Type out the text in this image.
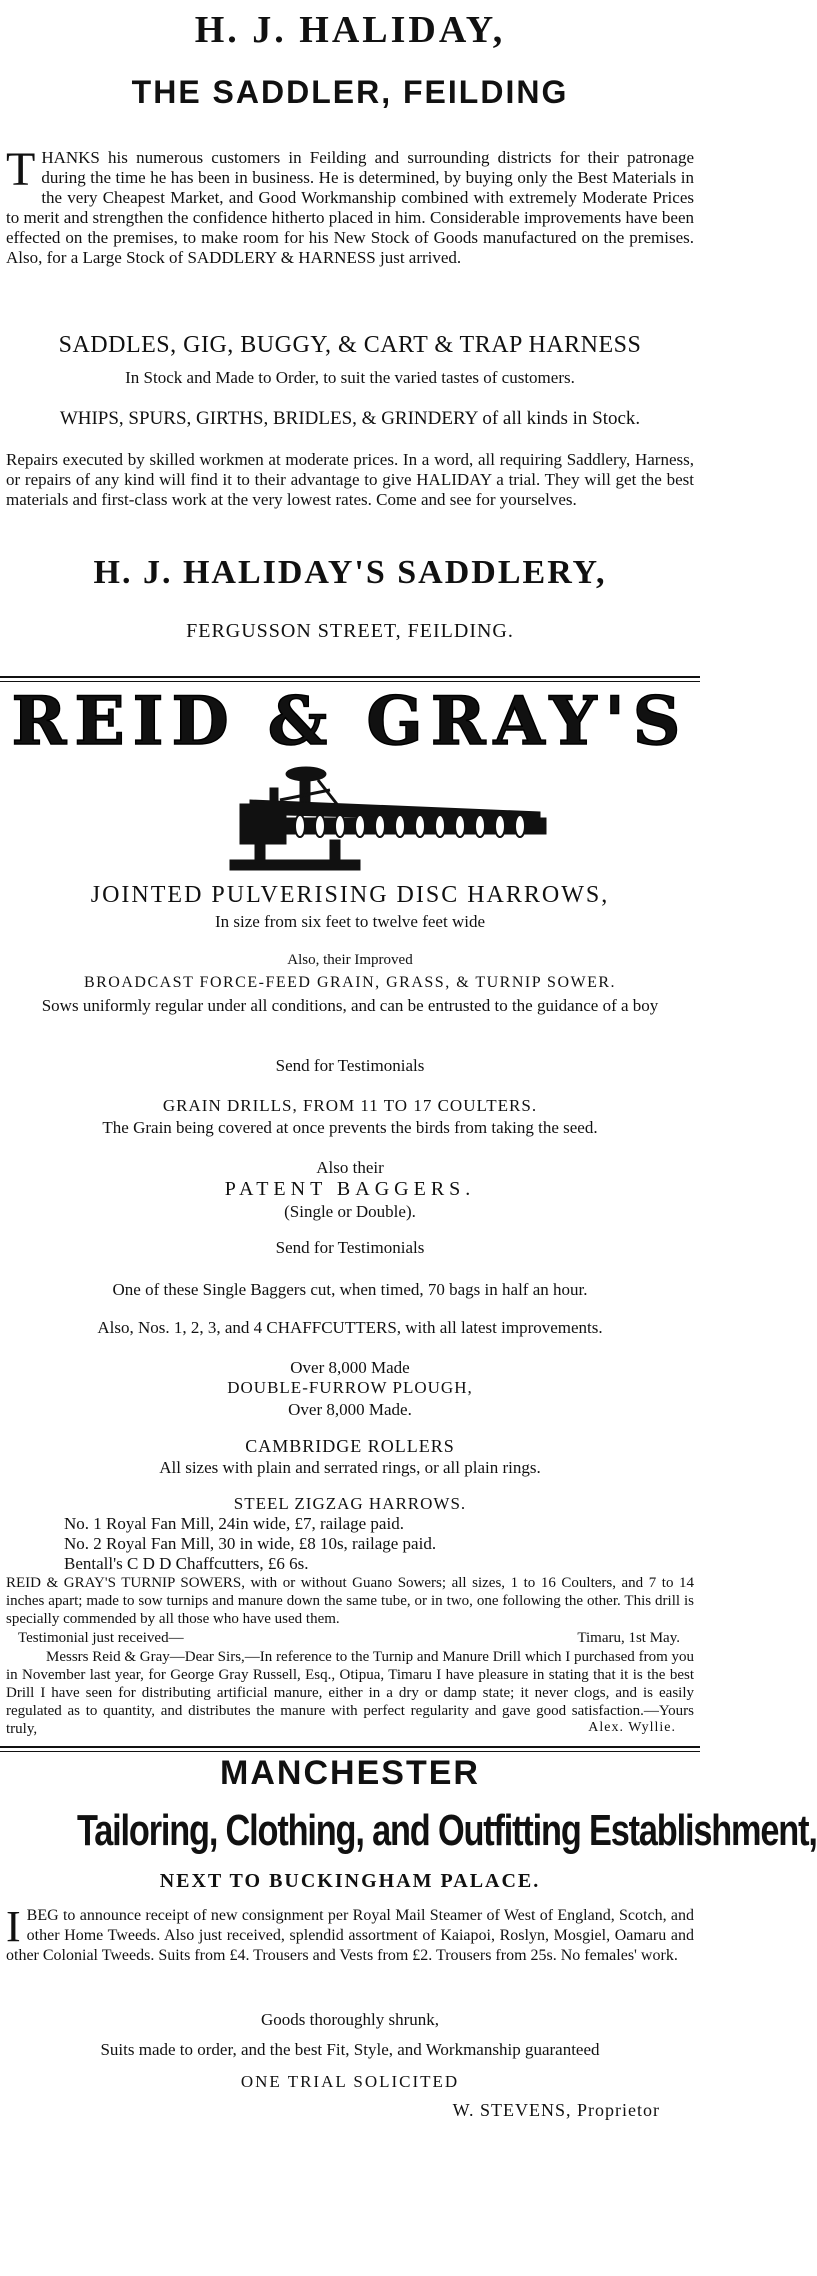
H. J. HALIDAY,
THE SADDLER, FEILDING
T HANKS his numerous customers in Feilding and surrounding districts for their patronage during the time he has been in business. He is determined, by buying only the Best Materials in the very Cheapest Market, and Good Workmanship combined with extremely Moderate Prices to merit and strengthen the confidence hitherto placed in him. Considerable improvements have been effected on the premises, to make room for his New Stock of Goods manufactured on the premises. Also, for a Large Stock of SADDLERY & HARNESS just arrived.
SADDLES, GIG, BUGGY, & CART & TRAP HARNESS
In Stock and Made to Order, to suit the varied tastes of customers.
WHIPS, SPURS, GIRTHS, BRIDLES, & GRINDERY of all kinds in Stock.
Repairs executed by skilled workmen at moderate prices. In a word, all requiring Saddlery, Harness, or repairs of any kind will find it to their advantage to give HALIDAY a trial. They will get the best materials and first-class work at the very lowest rates. Come and see for yourselves.
H. J. HALIDAY'S SADDLERY,
FERGUSSON STREET, FEILDING.
REID & GRAY'S
JOINTED PULVERISING DISC HARROWS,
In size from six feet to twelve feet wide
Also, their Improved
BROADCAST FORCE-FEED GRAIN, GRASS, & TURNIP SOWER.
Sows uniformly regular under all conditions, and can be entrusted to the guidance of a boy
Send for Testimonials
GRAIN DRILLS, FROM 11 TO 17 COULTERS.
The Grain being covered at once prevents the birds from taking the seed.
Also their
PATENT BAGGERS.
(Single or Double).
Send for Testimonials
One of these Single Baggers cut, when timed, 70 bags in half an hour.
Also, Nos. 1, 2, 3, and 4 CHAFFCUTTERS, with all latest improvements.
Over 8,000 Made
DOUBLE-FURROW PLOUGH,
Over 8,000 Made.
CAMBRIDGE ROLLERS
All sizes with plain and serrated rings, or all plain rings.
STEEL ZIGZAG HARROWS.
No. 1 Royal Fan Mill, 24in wide, £7, railage paid.
No. 2 Royal Fan Mill, 30 in wide, £8 10s, railage paid.
Bentall's C D D Chaffcutters, £6 6s.
REID & GRAY'S TURNIP SOWERS, with or without Guano Sowers; all sizes, 1 to 16 Coulters, and 7 to 14 inches apart; made to sow turnips and manure down the same tube, or in two, one following the other. This drill is specially commended by all those who have used them.
Testimonial just received—	Timaru, 1st May.
Messrs Reid & Gray—Dear Sirs,—In reference to the Turnip and Manure Drill which I purchased from you in November last year, for George Gray Russell, Esq., Otipua, Timaru I have pleasure in stating that it is the best Drill I have seen for distributing artificial manure, either in a dry or damp state; it never clogs, and is easily regulated as to quantity, and distributes the manure with perfect regularity and gave good satisfaction.—Yours truly,	Alex. Wyllie.
MANCHESTER
Tailoring, Clothing, and Outfitting Establishment,
NEXT TO BUCKINGHAM PALACE.
I BEG to announce receipt of new consignment per Royal Mail Steamer of West of England, Scotch, and other Home Tweeds. Also just received, splendid assortment of Kaiapoi, Roslyn, Mosgiel, Oamaru and other Colonial Tweeds. Suits from £4. Trousers and Vests from £2. Trousers from 25s. No females' work.
Goods thoroughly shrunk,
Suits made to order, and the best Fit, Style, and Workmanship guaranteed
ONE TRIAL SOLICITED
W. STEVENS, Proprietor
